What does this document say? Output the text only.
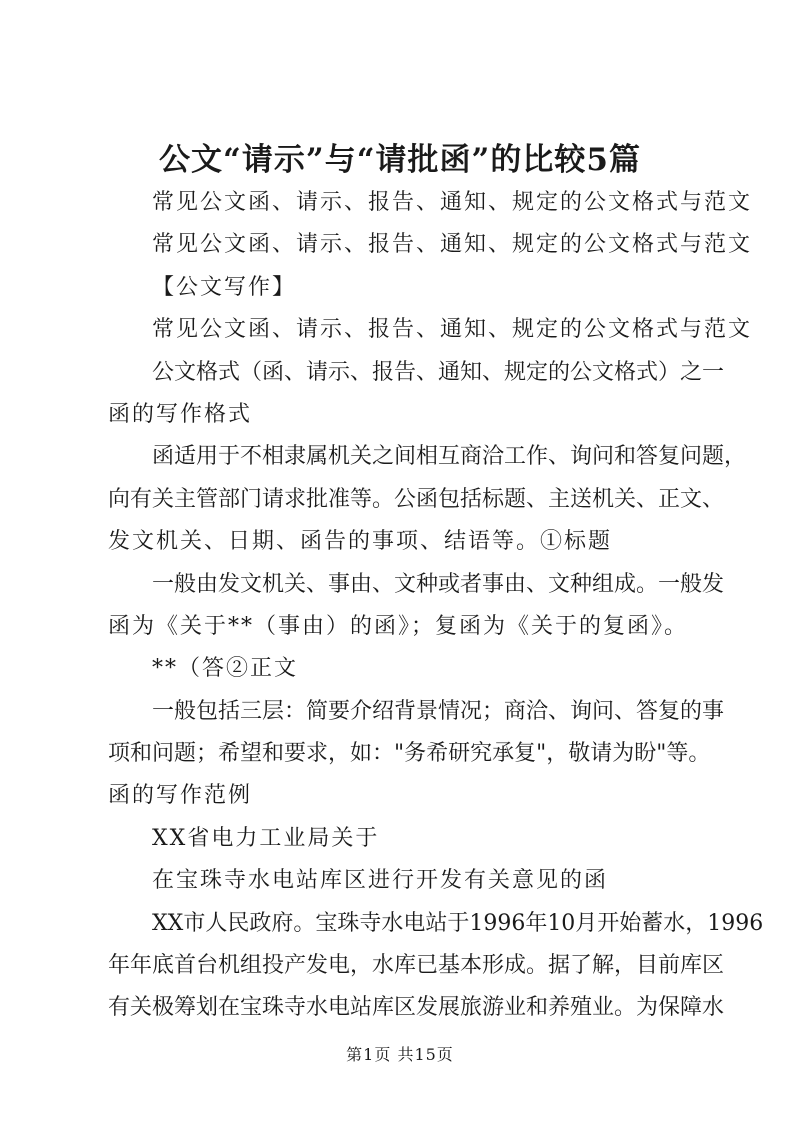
公文“请示”与“请批函”的比较5篇
常见公文函、请示、报告、通知、规定的公文格式与范文
常见公文函、请示、报告、通知、规定的公文格式与范文
【公文写作】
常见公文函、请示、报告、通知、规定的公文格式与范文
公文格式（函、请示、报告、通知、规定的公文格式）之一
函的写作格式
函适用于不相隶属机关之间相互商洽工作、询问和答复问题，
向有关主管部门请求批准等。公函包括标题、主送机关、正文、
发文机关、日期、函告的事项、结语等。①标题
一般由发文机关、事由、文种或者事由、文种组成。一般发
函为《关于**（事由）的函》；复函为《关于的复函》。
**（答②正文
一般包括三层：简要介绍背景情况；商洽、询问、答复的事
项和问题；希望和要求，如："务希研究承复"，敬请为盼"等。
函的写作范例
XX省电力工业局关于
在宝珠寺水电站库区进行开发有关意见的函
XX市人民政府。宝珠寺水电站于1996年10月开始蓄水，1996
年年底首台机组投产发电，水库已基本形成。据了解，目前库区
有关极筹划在宝珠寺水电站库区发展旅游业和养殖业。为保障水
第1页 共15页
